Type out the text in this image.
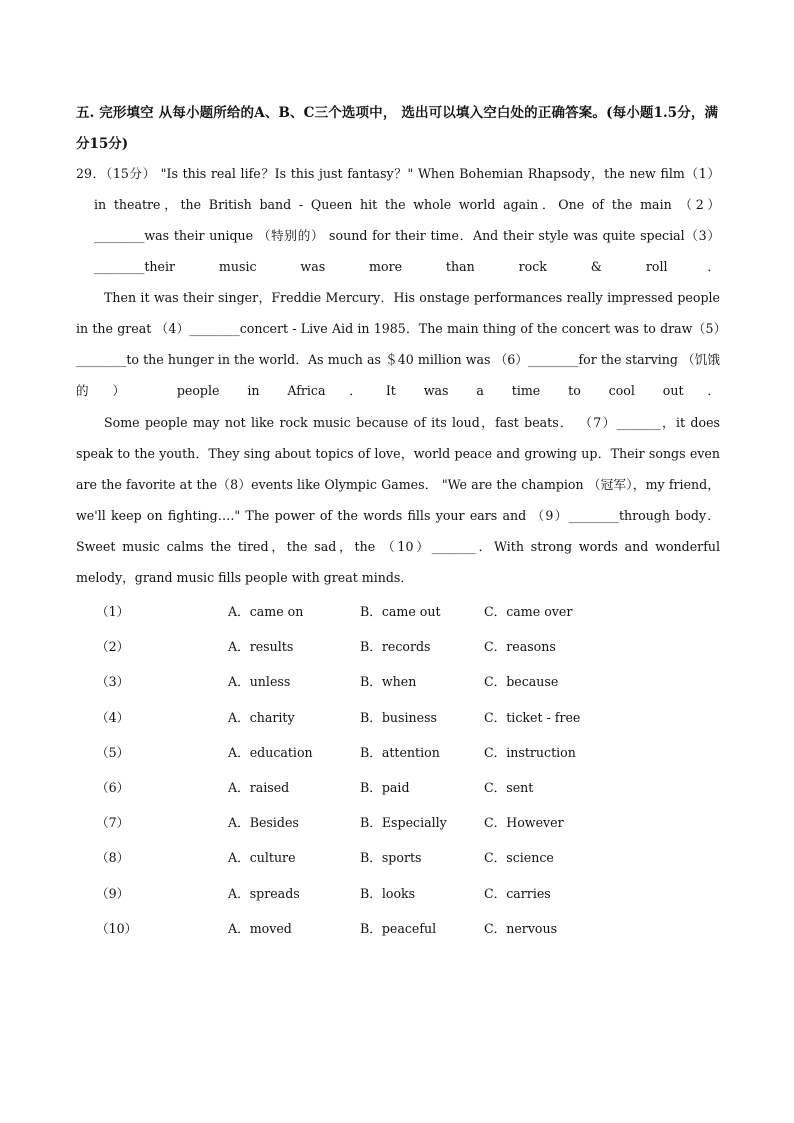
五. 完形填空 从每小题所给的A、B、C三个选项中， 选出可以填入空白处的正确答案。(每小题1.5分，满分15分)
29．（15分） "Is this real life？Is this just fantasy？" When Bohemian Rhapsody，the new film（1）
in theatre，the British band - Queen hit the whole world again．One of the main （2）________was their unique （特别的） sound for their time．And their style was quite special（3）________their music was more than rock & roll．
Then it was their singer，Freddie Mercury．His onstage performances really impressed people in the great （4）________concert - Live Aid in 1985．The main thing of the concert was to draw（5）________to the hunger in the world．As much as ＄40 million was （6）________for the starving （饥饿的） people in Africa．It was a time to cool out．
Some people may not like rock music because of its loud，fast beats． （7）_______，it does speak to the youth．They sing about topics of love，world peace and growing up．Their songs even are the favorite at the（8）events like Olympic Games． "We are the champion （冠军），my friend，we'll keep on fighting…." The power of the words fills your ears and （9）________through body．Sweet music calms the tired，the sad，the （10）_______．With strong words and wonderful melody，grand music fills people with great minds．
（1）	A．came on	B．came out	C．came over
（2）	A．results	B．records	C．reasons
（3）	A．unless	B．when	C．because
（4）	A．charity	B．business	C．ticket - free
（5）	A．education	B．attention	C．instruction
（6）	A．raised	B．paid	C．sent
（7）	A．Besides	B．Especially	C．However
（8）	A．culture	B．sports	C．science
（9）	A．spreads	B．looks	C．carries
（10）	A．moved	B．peaceful	C．nervous
